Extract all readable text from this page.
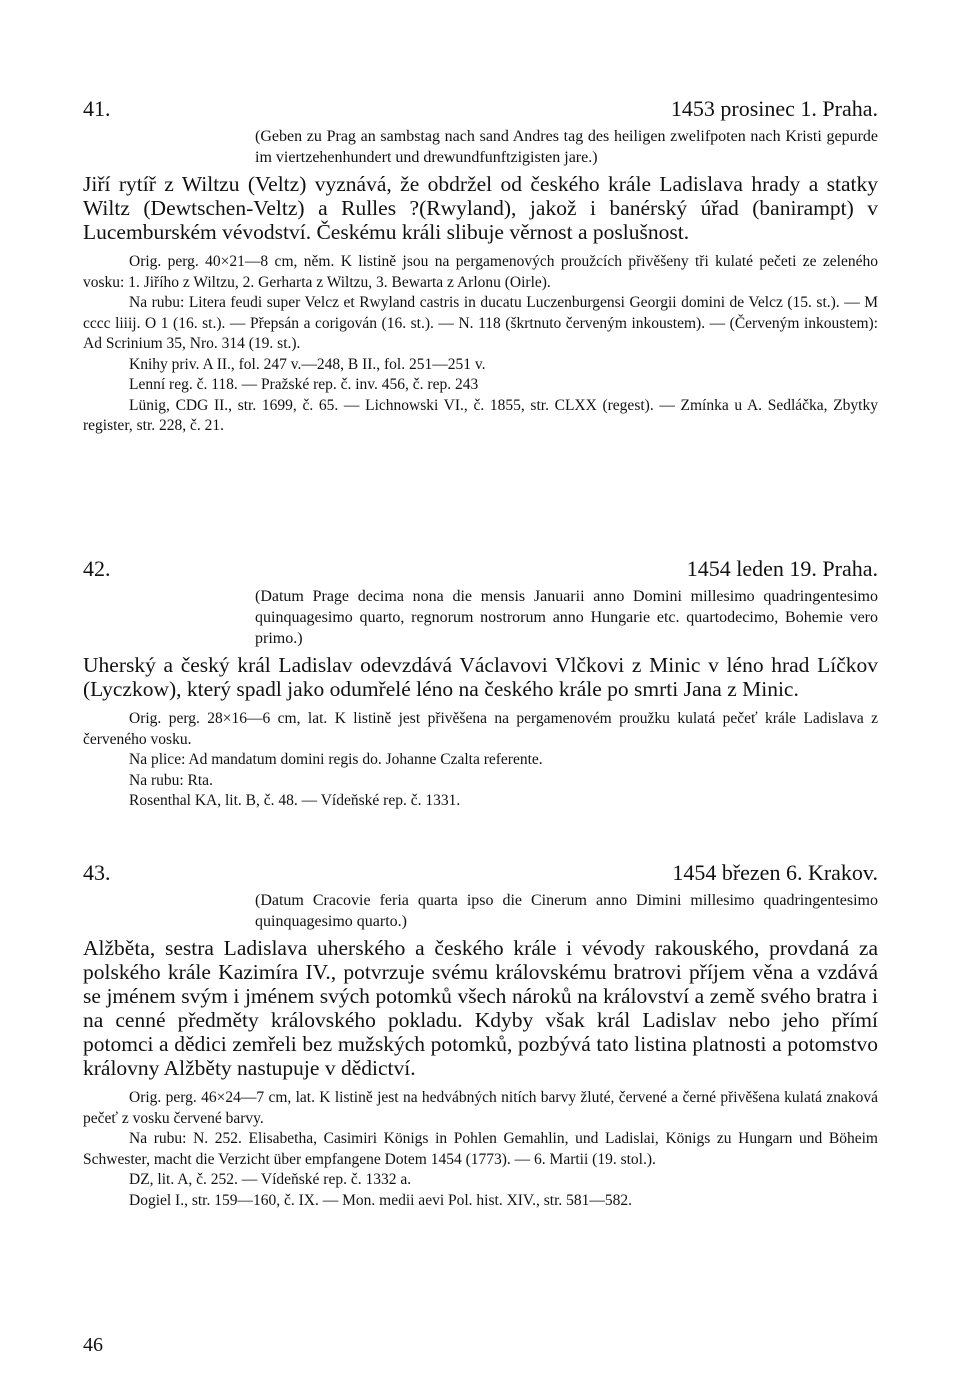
41.	1453 prosinec 1. Praha.
(Geben zu Prag an sambstag nach sand Andres tag des heiligen zwelifpoten nach Kristi gepurde im viertzehenhundert und drewundfunftzigisten jare.)
Jiří rytíř z Wiltzu (Veltz) vyznává, že obdržel od českého krále Ladislava hrady a statky Wiltz (Dewtschen-Veltz) a Rulles ?(Rwyland), jakož i banérský úřad (banirampt) v Lucemburském vévodství. Českému králi slibuje věrnost a poslušnost.

Orig. perg. 40×21—8 cm, něm. K listině jsou na pergamenových proužcích přivěšeny tři kulaté pečeti ze zeleného vosku: 1. Jiřího z Wiltzu, 2. Gerharta z Wiltzu, 3. Bewarta z Arlonu (Oirle).

Na rubu: Litera feudi super Velcz et Rwyland castris in ducatu Luczenburgensi Georgii domini de Velcz (15. st.). — M cccc liiij. O 1 (16. st.). — Přepsán a corigován (16. st.). — N. 118 (škrtnuto červeným inkoustem). — (Červeným inkoustem): Ad Scrinium 35, Nro. 314 (19. st.).

Knihy priv. A II., fol. 247 v.—248, B II., fol. 251—251 v.

Lenní reg. č. 118. — Pražské rep. č. inv. 456, č. rep. 243

Lünig, CDG II., str. 1699, č. 65. — Lichnowski VI., č. 1855, str. CLXX (regest). — Zmínka u A. Sedláčka, Zbytky register, str. 228, č. 21.

42.	1454 leden 19. Praha.
(Datum Prage decima nona die mensis Januarii anno Domini millesimo quadringentesimo quinquagesimo quarto, regnorum nostrorum anno Hungarie etc. quartodecimo, Bohemie vero primo.)
Uherský a český král Ladislav odevzdává Václavovi Vlčkovi z Minic v léno hrad Líčkov (Lyczkow), který spadl jako odumřelé léno na českého krále po smrti Jana z Minic.

Orig. perg. 28×16—6 cm, lat. K listině jest přivěšena na pergamenovém proužku kulatá pečeť krále Ladislava z červeného vosku.

Na plice: Ad mandatum domini regis do. Johanne Czalta referente.

Na rubu: Rta.

Rosenthal KA, lit. B, č. 48. — Vídeňské rep. č. 1331.

43.	1454 březen 6. Krakov.
(Datum Cracovie feria quarta ipso die Cinerum anno Dimini millesimo quadringentesimo quinquagesimo quarto.)
Alžběta, sestra Ladislava uherského a českého krále i vévody rakouského, provdaná za polského krále Kazimíra IV., potvrzuje svému královskému bratrovi příjem věna a vzdává se jménem svým i jménem svých potomků všech nároků na království a země svého bratra i na cenné předměty královského pokladu. Kdyby však král Ladislav nebo jeho přímí potomci a dědici zemřeli bez mužských potomků, pozbývá tato listina platnosti a potomstvo královny Alžběty nastupuje v dědictví.

Orig. perg. 46×24—7 cm, lat. K listině jest na hedvábných nitích barvy žluté, červené a černé přivěšena kulatá znaková pečeť z vosku červené barvy.

Na rubu: N. 252. Elisabetha, Casimiri Königs in Pohlen Gemahlin, und Ladislai, Königs zu Hungarn und Böheim Schwester, macht die Verzicht über empfangene Dotem 1454 (1773). — 6. Martii (19. stol.).

DZ, lit. A, č. 252. — Vídeňské rep. č. 1332 a.

Dogiel I., str. 159—160, č. IX. — Mon. medii aevi Pol. hist. XIV., str. 581—582.

46
